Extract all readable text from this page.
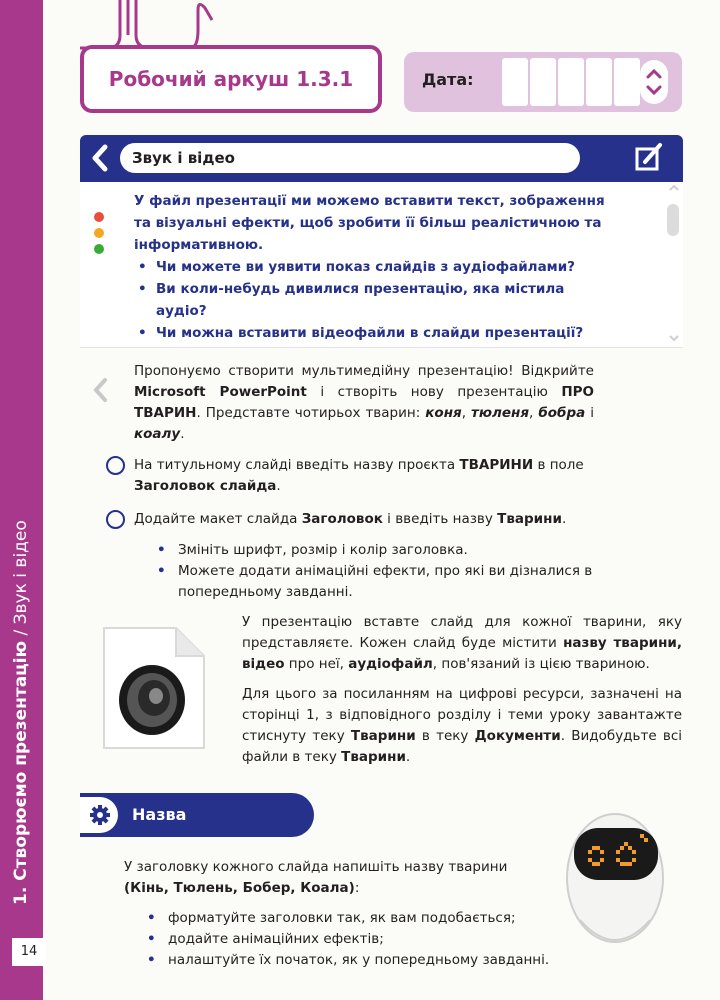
1. Створюємо презентацію / Звук і відео
14
Робочий аркуш 1.3.1	Дата:
Звук і відео
У файл презентації ми можемо вставити текст, зображення та візуальні ефекти, щоб зробити її більш реалістичною та інформативною.
• Чи можете ви уявити показ слайдів з аудіофайлами?
• Ви коли-небудь дивилися презентацію, яка містила аудіо?
• Чи можна вставити відеофайли в слайди презентації?
Пропонуємо створити мультимедійну презентацію! Відкрийте Microsoft PowerPoint і створіть нову презентацію ПРО ТВАРИН. Представте чотирьох тварин: коня, тюленя, бобра і коалу.
На титульному слайді введіть назву проєкта ТВАРИНИ в поле Заголовок слайда.
Додайте макет слайда Заголовок і введіть назву Тварини.
• Змініть шрифт, розмір і колір заголовка.
• Можете додати анімаційні ефекти, про які ви дізналися в попередньому завданні.
У презентацію вставте слайд для кожної тварини, яку представляєте. Кожен слайд буде містити назву тварини, відео про неї, аудіофайл, пов'язаний із цією твариною.
Для цього за посиланням на цифрові ресурси, зазначені на сторінці 1, з відповідного розділу і теми уроку завантажте стиснуту теку Тварини в теку Документи. Видобудьте всі файли в теку Тварини.
Назва
У заголовку кожного слайда напишіть назву тварини
(Кінь, Тюлень, Бобер, Коала):
• форматуйте заголовки так, як вам подобається;
• додайте анімаційних ефектів;
• налаштуйте їх початок, як у попередньому завданні.
